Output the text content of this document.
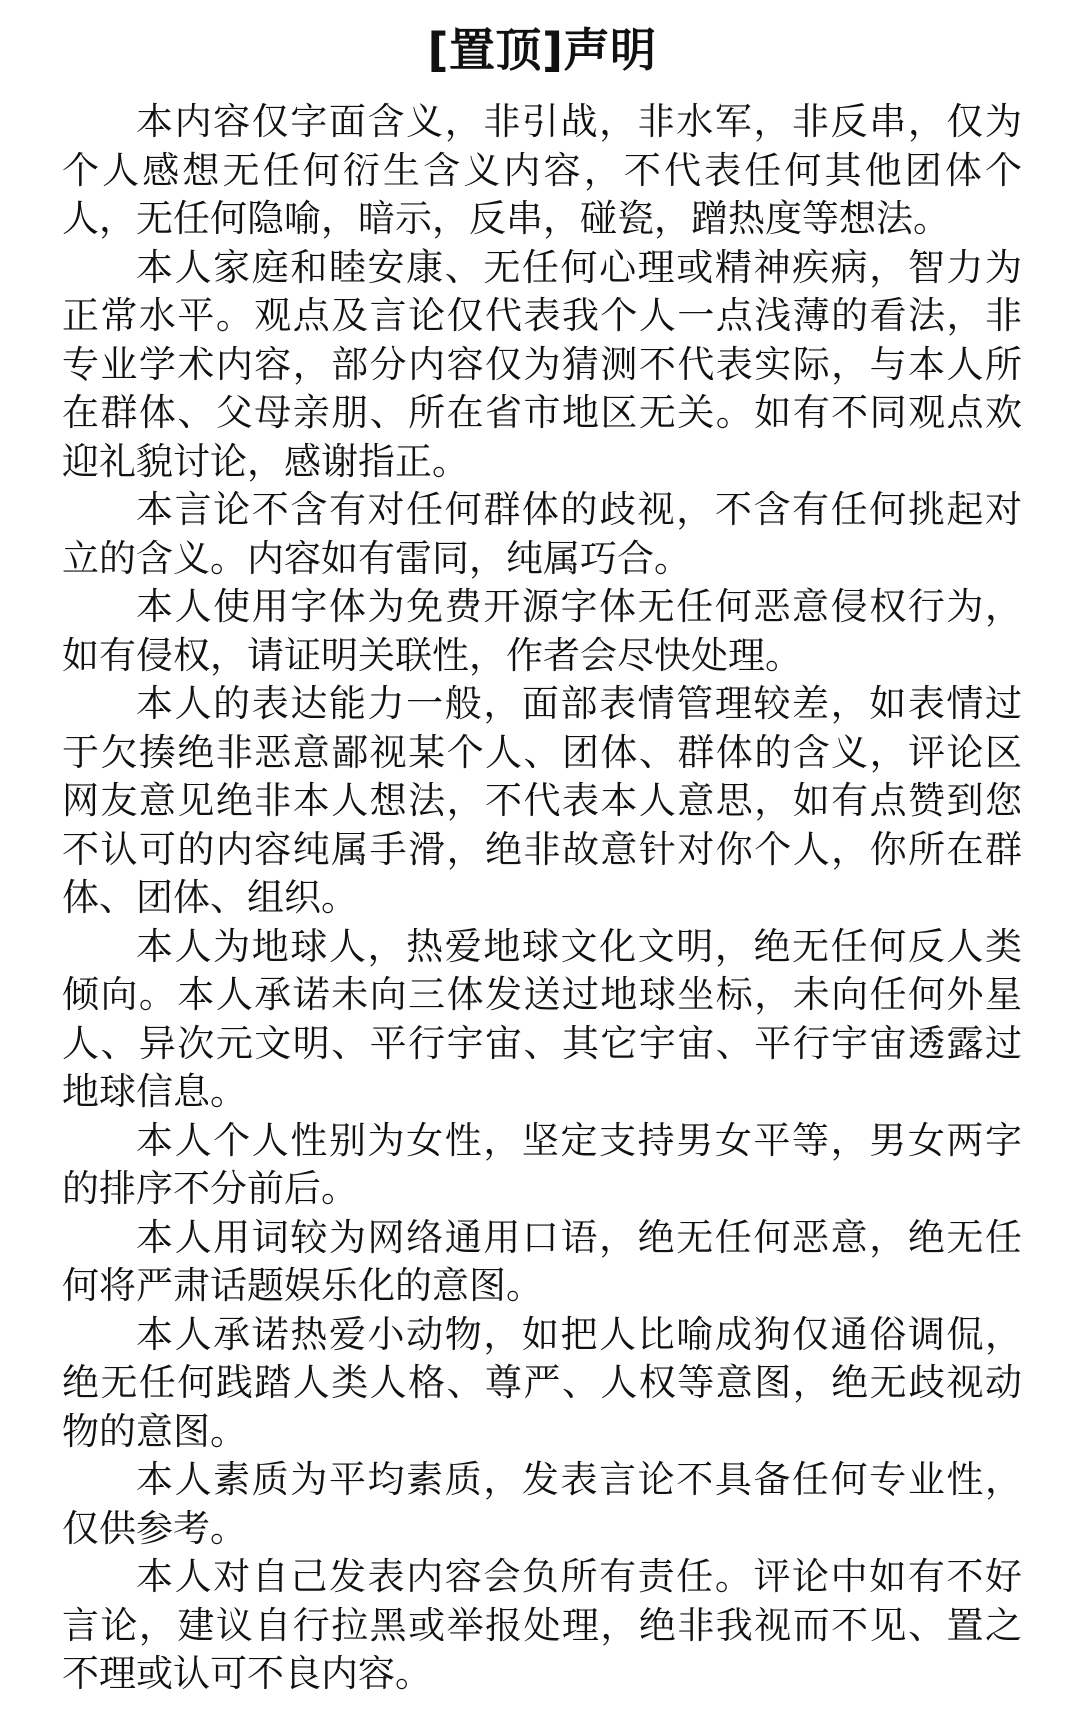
[置顶]声明

本内容仅字面含义，非引战，非水军，非反串，仅为个人感想无任何衍生含义内容，不代表任何其他团体个人，无任何隐喻，暗示，反串，碰瓷，蹭热度等想法。

本人家庭和睦安康、无任何心理或精神疾病，智力为正常水平。观点及言论仅代表我个人一点浅薄的看法，非专业学术内容，部分内容仅为猜测不代表实际，与本人所在群体、父母亲朋、所在省市地区无关。如有不同观点欢迎礼貌讨论，感谢指正。

本言论不含有对任何群体的歧视，不含有任何挑起对立的含义。内容如有雷同，纯属巧合。

本人使用字体为免费开源字体无任何恶意侵权行为，如有侵权，请证明关联性，作者会尽快处理。

本人的表达能力一般，面部表情管理较差，如表情过于欠揍绝非恶意鄙视某个人、团体、群体的含义，评论区网友意见绝非本人想法，不代表本人意思，如有点赞到您不认可的内容纯属手滑，绝非故意针对你个人，你所在群体、团体、组织。

本人为地球人，热爱地球文化文明，绝无任何反人类倾向。本人承诺未向三体发送过地球坐标，未向任何外星人、异次元文明、平行宇宙、其它宇宙、平行宇宙透露过地球信息。

本人个人性别为女性，坚定支持男女平等，男女两字的排序不分前后。

本人用词较为网络通用口语，绝无任何恶意，绝无任何将严肃话题娱乐化的意图。

本人承诺热爱小动物，如把人比喻成狗仅通俗调侃，绝无任何践踏人类人格、尊严、人权等意图，绝无歧视动物的意图。

本人素质为平均素质，发表言论不具备任何专业性，仅供参考。

本人对自己发表内容会负所有责任。评论中如有不好言论，建议自行拉黑或举报处理，绝非我视而不见、置之不理或认可不良内容。
